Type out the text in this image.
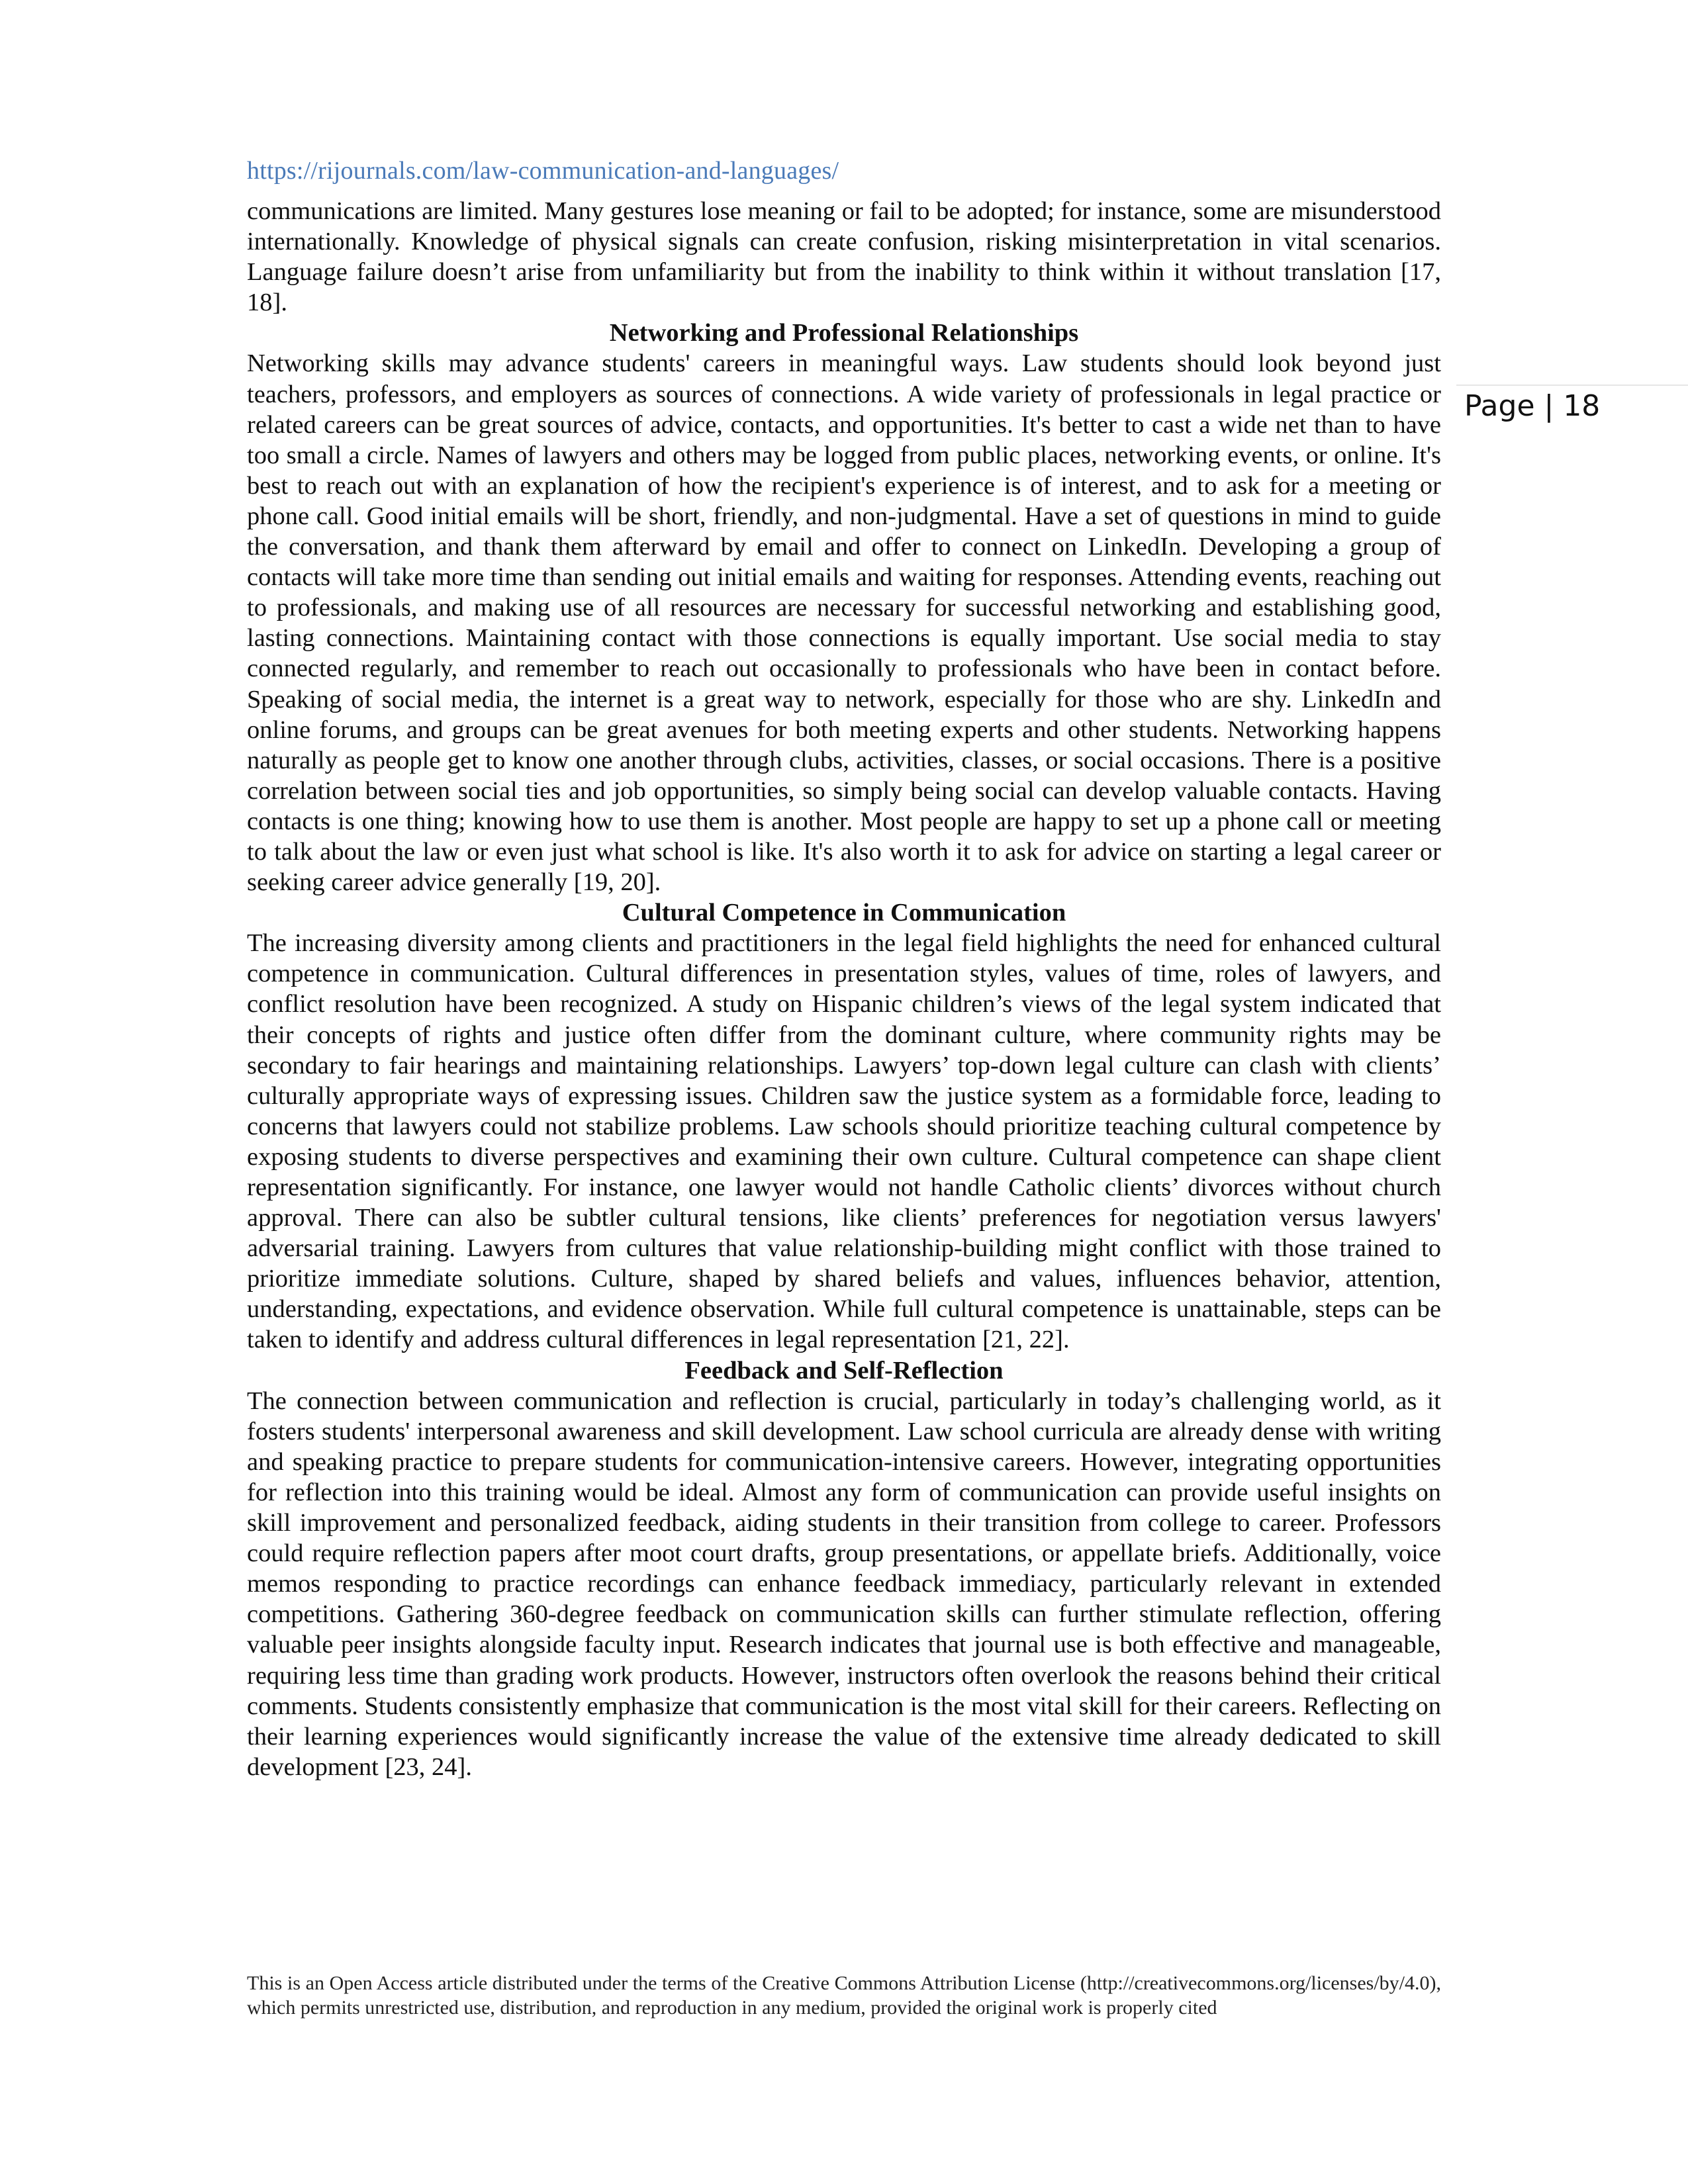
https://rijournals.com/law-communication-and-languages/
Page | 18

communications are limited. Many gestures lose meaning or fail to be adopted; for instance, some are misunderstood internationally. Knowledge of physical signals can create confusion, risking misinterpretation in vital scenarios. Language failure doesn’t arise from unfamiliarity but from the inability to think within it without translation [17, 18].

Networking and Professional Relationships

Networking skills may advance students' careers in meaningful ways. Law students should look beyond just teachers, professors, and employers as sources of connections. A wide variety of professionals in legal practice or related careers can be great sources of advice, contacts, and opportunities. It's better to cast a wide net than to have too small a circle. Names of lawyers and others may be logged from public places, networking events, or online. It's best to reach out with an explanation of how the recipient's experience is of interest, and to ask for a meeting or phone call. Good initial emails will be short, friendly, and non-judgmental. Have a set of questions in mind to guide the conversation, and thank them afterward by email and offer to connect on LinkedIn. Developing a group of contacts will take more time than sending out initial emails and waiting for responses. Attending events, reaching out to professionals, and making use of all resources are necessary for successful networking and establishing good, lasting connections. Maintaining contact with those connections is equally important. Use social media to stay connected regularly, and remember to reach out occasionally to professionals who have been in contact before. Speaking of social media, the internet is a great way to network, especially for those who are shy. LinkedIn and online forums, and groups can be great avenues for both meeting experts and other students. Networking happens naturally as people get to know one another through clubs, activities, classes, or social occasions. There is a positive correlation between social ties and job opportunities, so simply being social can develop valuable contacts. Having contacts is one thing; knowing how to use them is another. Most people are happy to set up a phone call or meeting to talk about the law or even just what school is like. It's also worth it to ask for advice on starting a legal career or seeking career advice generally [19, 20].

Cultural Competence in Communication

The increasing diversity among clients and practitioners in the legal field highlights the need for enhanced cultural competence in communication. Cultural differences in presentation styles, values of time, roles of lawyers, and conflict resolution have been recognized. A study on Hispanic children’s views of the legal system indicated that their concepts of rights and justice often differ from the dominant culture, where community rights may be secondary to fair hearings and maintaining relationships. Lawyers’ top-down legal culture can clash with clients’ culturally appropriate ways of expressing issues. Children saw the justice system as a formidable force, leading to concerns that lawyers could not stabilize problems. Law schools should prioritize teaching cultural competence by exposing students to diverse perspectives and examining their own culture. Cultural competence can shape client representation significantly. For instance, one lawyer would not handle Catholic clients’ divorces without church approval. There can also be subtler cultural tensions, like clients’ preferences for negotiation versus lawyers' adversarial training. Lawyers from cultures that value relationship-building might conflict with those trained to prioritize immediate solutions. Culture, shaped by shared beliefs and values, influences behavior, attention, understanding, expectations, and evidence observation. While full cultural competence is unattainable, steps can be taken to identify and address cultural differences in legal representation [21, 22].

Feedback and Self-Reflection

The connection between communication and reflection is crucial, particularly in today’s challenging world, as it fosters students' interpersonal awareness and skill development. Law school curricula are already dense with writing and speaking practice to prepare students for communication-intensive careers. However, integrating opportunities for reflection into this training would be ideal. Almost any form of communication can provide useful insights on skill improvement and personalized feedback, aiding students in their transition from college to career. Professors could require reflection papers after moot court drafts, group presentations, or appellate briefs. Additionally, voice memos responding to practice recordings can enhance feedback immediacy, particularly relevant in extended competitions. Gathering 360-degree feedback on communication skills can further stimulate reflection, offering valuable peer insights alongside faculty input. Research indicates that journal use is both effective and manageable, requiring less time than grading work products. However, instructors often overlook the reasons behind their critical comments. Students consistently emphasize that communication is the most vital skill for their careers. Reflecting on their learning experiences would significantly increase the value of the extensive time already dedicated to skill development [23, 24].

This is an Open Access article distributed under the terms of the Creative Commons Attribution License (http://creativecommons.org/licenses/by/4.0), which permits unrestricted use, distribution, and reproduction in any medium, provided the original work is properly cited
